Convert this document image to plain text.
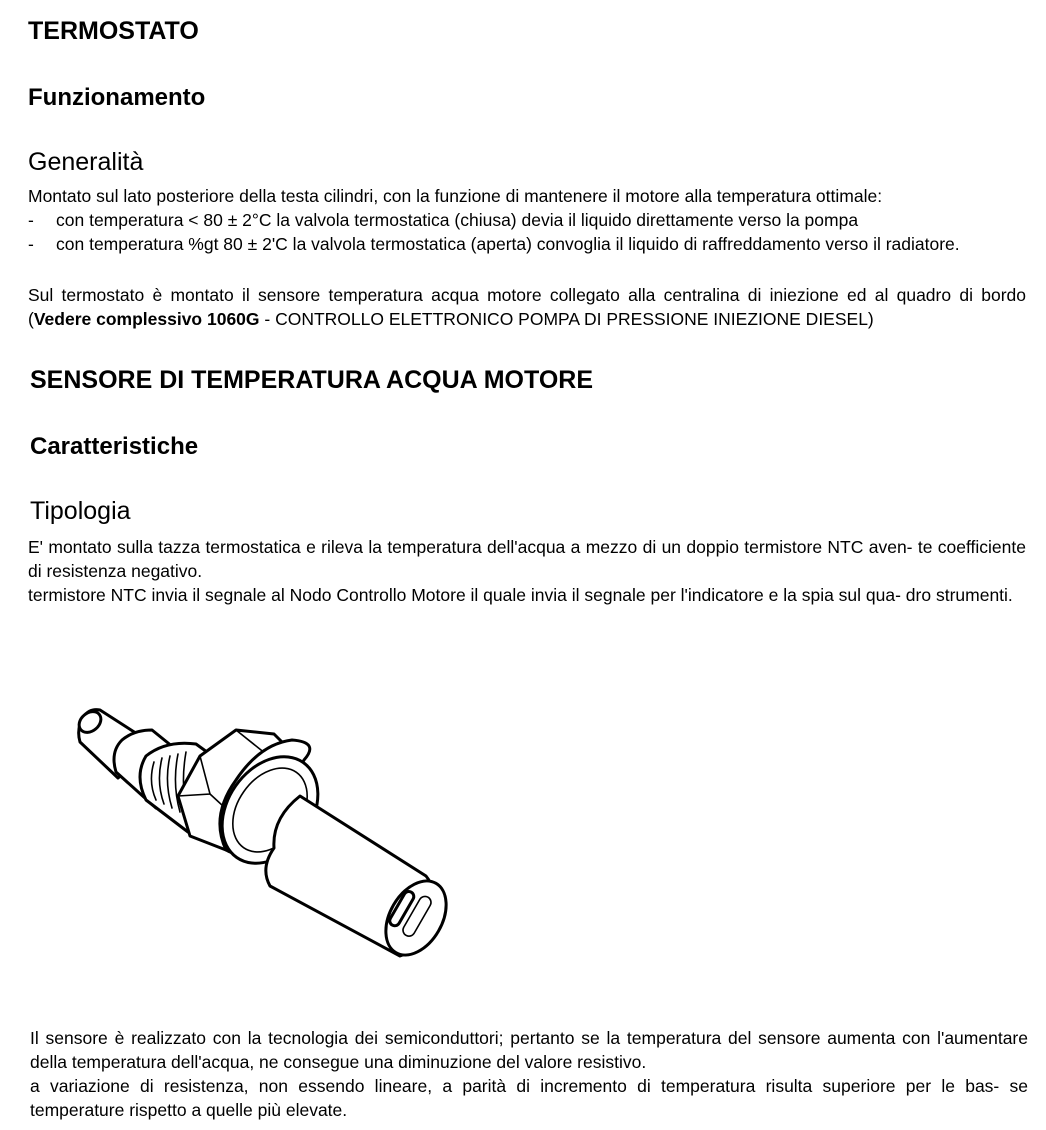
TERMOSTATO
Funzionamento
Generalità
Montato sul lato posteriore della testa cilindri, con la funzione di mantenere il motore alla temperatura ottimale:
- con temperatura < 80 ± 2°C la valvola termostatica (chiusa) devia il liquido direttamente verso la pompa
- con temperatura %gt 80 ± 2'C la valvola termostatica (aperta) convoglia il liquido di raffreddamento verso il radiatore.
Sul termostato è montato il sensore temperatura acqua motore collegato alla centralina di iniezione ed al quadro di bordo (Vedere complessivo 1060G - CONTROLLO ELETTRONICO POMPA DI PRESSIONE INIEZIONE DIESEL)
SENSORE DI TEMPERATURA ACQUA MOTORE
Caratteristiche
Tipologia
E' montato sulla tazza termostatica e rileva la temperatura dell'acqua a mezzo di un doppio termistore NTC aven- te coefficiente di resistenza negativo.
termistore NTC invia il segnale al Nodo Controllo Motore il quale invia il segnale per l'indicatore e la spia sul qua- dro strumenti.
Il sensore è realizzato con la tecnologia dei semiconduttori; pertanto se la temperatura del sensore aumenta con l'aumentare della temperatura dell'acqua, ne consegue una diminuzione del valore resistivo.
a variazione di resistenza, non essendo lineare, a parità di incremento di temperatura risulta superiore per le bas- se temperature rispetto a quelle più elevate.
